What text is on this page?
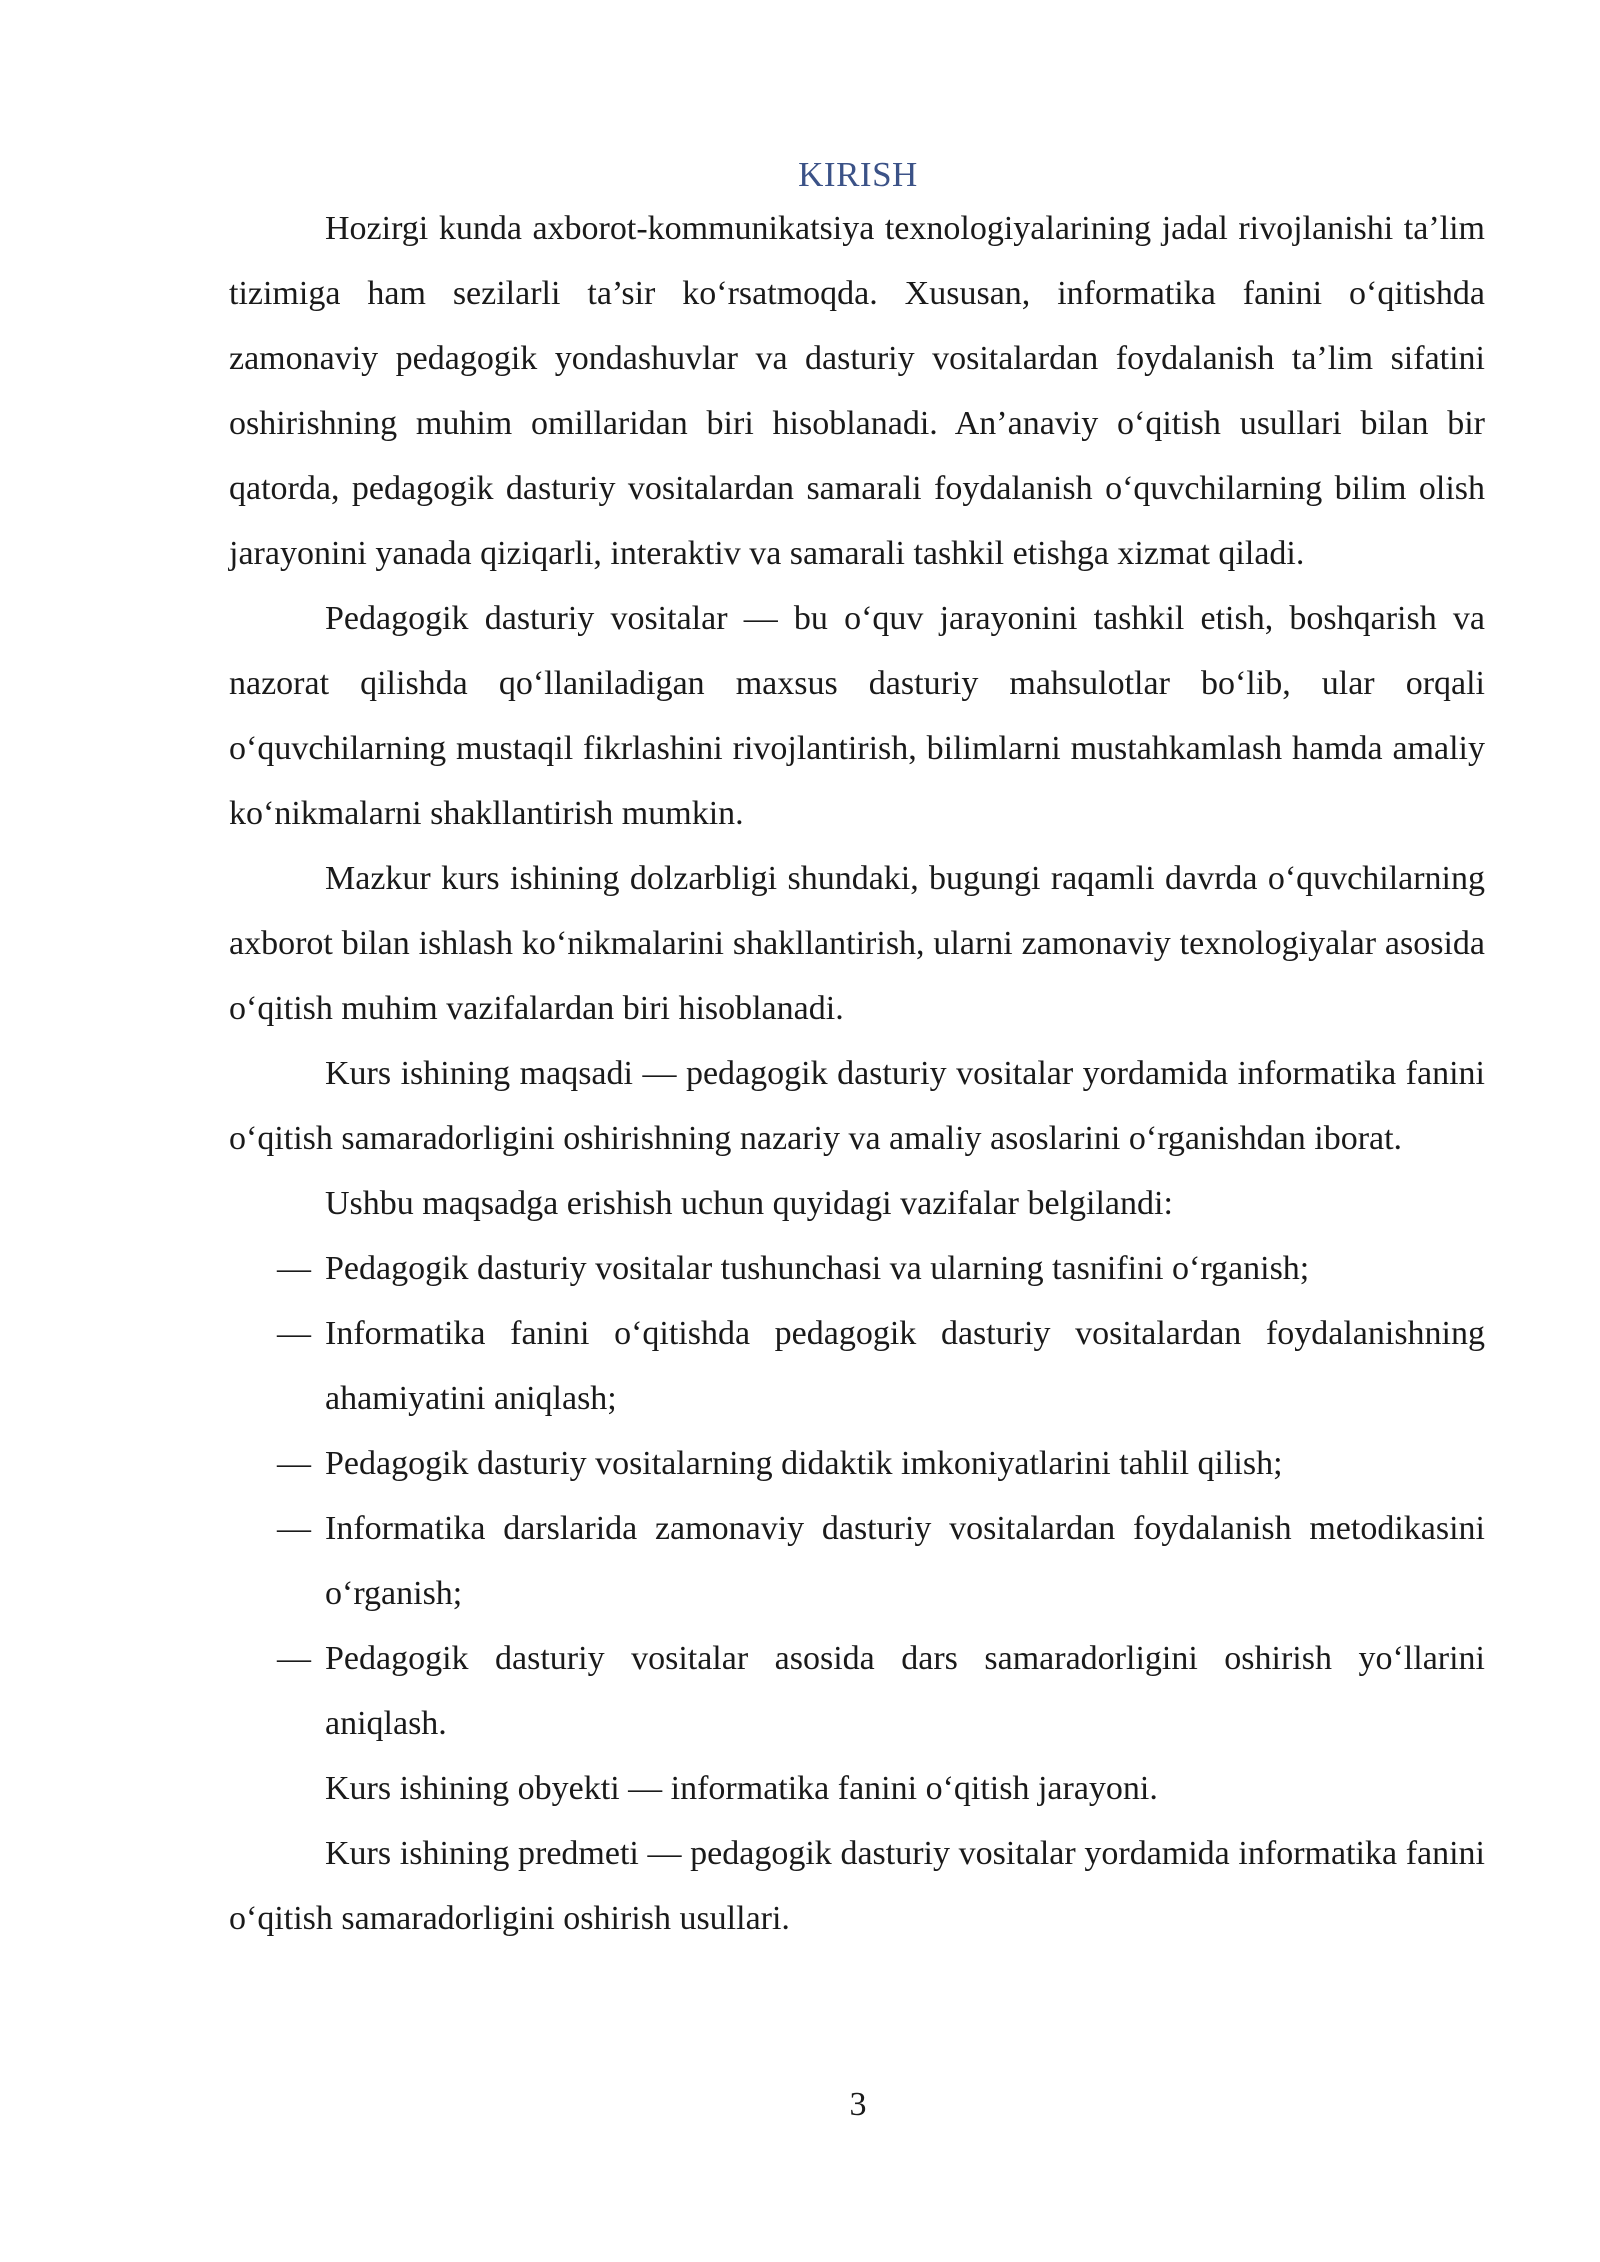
KIRISH

Hozirgi kunda axborot-kommunikatsiya texnologiyalarining jadal rivojlanishi ta’lim tizimiga ham sezilarli ta’sir ko‘rsatmoqda. Xususan, informatika fanini o‘qitishda zamonaviy pedagogik yondashuvlar va dasturiy vositalardan foydalanish ta’lim sifatini oshirishning muhim omillaridan biri hisoblanadi. An’anaviy o‘qitish usullari bilan bir qatorda, pedagogik dasturiy vositalardan samarali foydalanish o‘quvchilarning bilim olish jarayonini yanada qiziqarli, interaktiv va samarali tashkil etishga xizmat qiladi.

Pedagogik dasturiy vositalar — bu o‘quv jarayonini tashkil etish, boshqarish va nazorat qilishda qo‘llaniladigan maxsus dasturiy mahsulotlar bo‘lib, ular orqali o‘quvchilarning mustaqil fikrlashini rivojlantirish, bilimlarni mustahkamlash hamda amaliy ko‘nikmalarni shakllantirish mumkin.

Mazkur kurs ishining dolzarbligi shundaki, bugungi raqamli davrda o‘quvchilarning axborot bilan ishlash ko‘nikmalarini shakllantirish, ularni zamonaviy texnologiyalar asosida o‘qitish muhim vazifalardan biri hisoblanadi.

Kurs ishining maqsadi — pedagogik dasturiy vositalar yordamida informatika fanini o‘qitish samaradorligini oshirishning nazariy va amaliy asoslarini o‘rganishdan iborat.

Ushbu maqsadga erishish uchun quyidagi vazifalar belgilandi:

— Pedagogik dasturiy vositalar tushunchasi va ularning tasnifini o‘rganish;
— Informatika fanini o‘qitishda pedagogik dasturiy vositalardan foydalanishning ahamiyatini aniqlash;
— Pedagogik dasturiy vositalarning didaktik imkoniyatlarini tahlil qilish;
— Informatika darslarida zamonaviy dasturiy vositalardan foydalanish metodikasini o‘rganish;
— Pedagogik dasturiy vositalar asosida dars samaradorligini oshirish yo‘llarini aniqlash.

Kurs ishining obyekti — informatika fanini o‘qitish jarayoni.

Kurs ishining predmeti — pedagogik dasturiy vositalar yordamida informatika fanini o‘qitish samaradorligini oshirish usullari.

3
